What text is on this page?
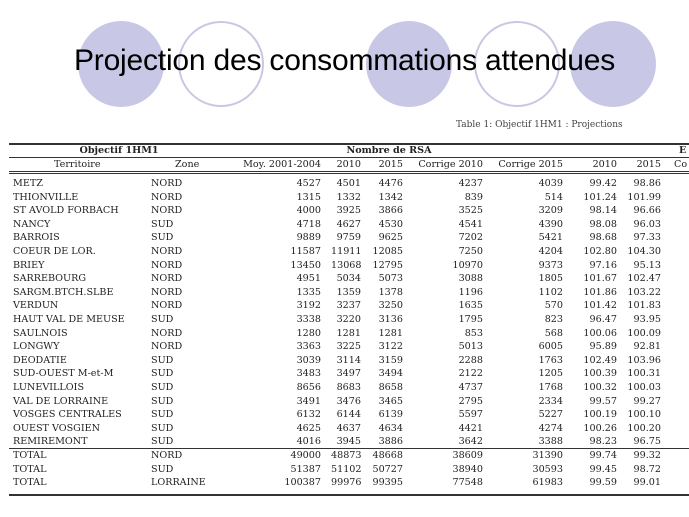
Projection des consommations attendues
Table 1: Objectif 1HM1 : Projections
Objectif 1HM1	Nombre de RSA	E
Territoire	Zone	Moy. 2001-2004	2010	2015	Corrige 2010	Corrige 2015	2010	2015 Co
METZ	NORD	4527	4501	4476	4237	4039	99.42	98.86
THIONVILLE	NORD	1315	1332	1342	839	514	101.24	101.99
ST AVOLD FORBACH	NORD	4000	3925	3866	3525	3209	98.14	96.66
NANCY	SUD	4718	4627	4530	4541	4390	98.08	96.03
BARROIS	SUD	9889	9759	9625	7202	5421	98.68	97.33
COEUR DE LOR.	NORD	11587 11911	12085	7250	4204	102.80	104.30
BRIEY	NORD	13450 13068	12795	10970	9373	97.16	95.13
SARREBOURG	NORD	4951	5034	5073	3088	1805	101.67	102.47
SARGM.BTCH.SLBE	NORD	1335	1359	1378	1196	1102	101.86	103.22
VERDUN	NORD	3192	3237	3250	1635	570	101.42	101.83
HAUT VAL DE MEUSE	SUD	3338	3220	3136	1795	823	96.47	93.95
SAULNOIS	NORD	1280	1281	1281	853	568	100.06	100.09
LONGWY	NORD	3363	3225	3122	5013	6005	95.89	92.81
DEODATIE	SUD	3039	3114	3159	2288	1763	102.49	103.96
SUD-OUEST M-et-M	SUD	3483	3497	3494	2122	1205	100.39	100.31
LUNEVILLOIS	SUD	8656	8683	8658	4737	1768	100.32	100.03
VAL DE LORRAINE	SUD	3491	3476	3465	2795	2334	99.57	99.27
VOSGES CENTRALES	SUD	6132	6144	6139	5597	5227	100.19	100.10
OUEST VOSGIEN	SUD	4625	4637	4634	4421	4274	100.26	100.20
REMIREMONT	SUD	4016	3945	3886	3642	3388	98.23	96.75
TOTAL	NORD	49000 48873	48668	38609	31390	99.74	99.32
TOTAL	SUD	51387 51102	50727	38940	30593	99.45	98.72
TOTAL	LORRAINE	100387 99976	99395	77548	61983	99.59	99.01
